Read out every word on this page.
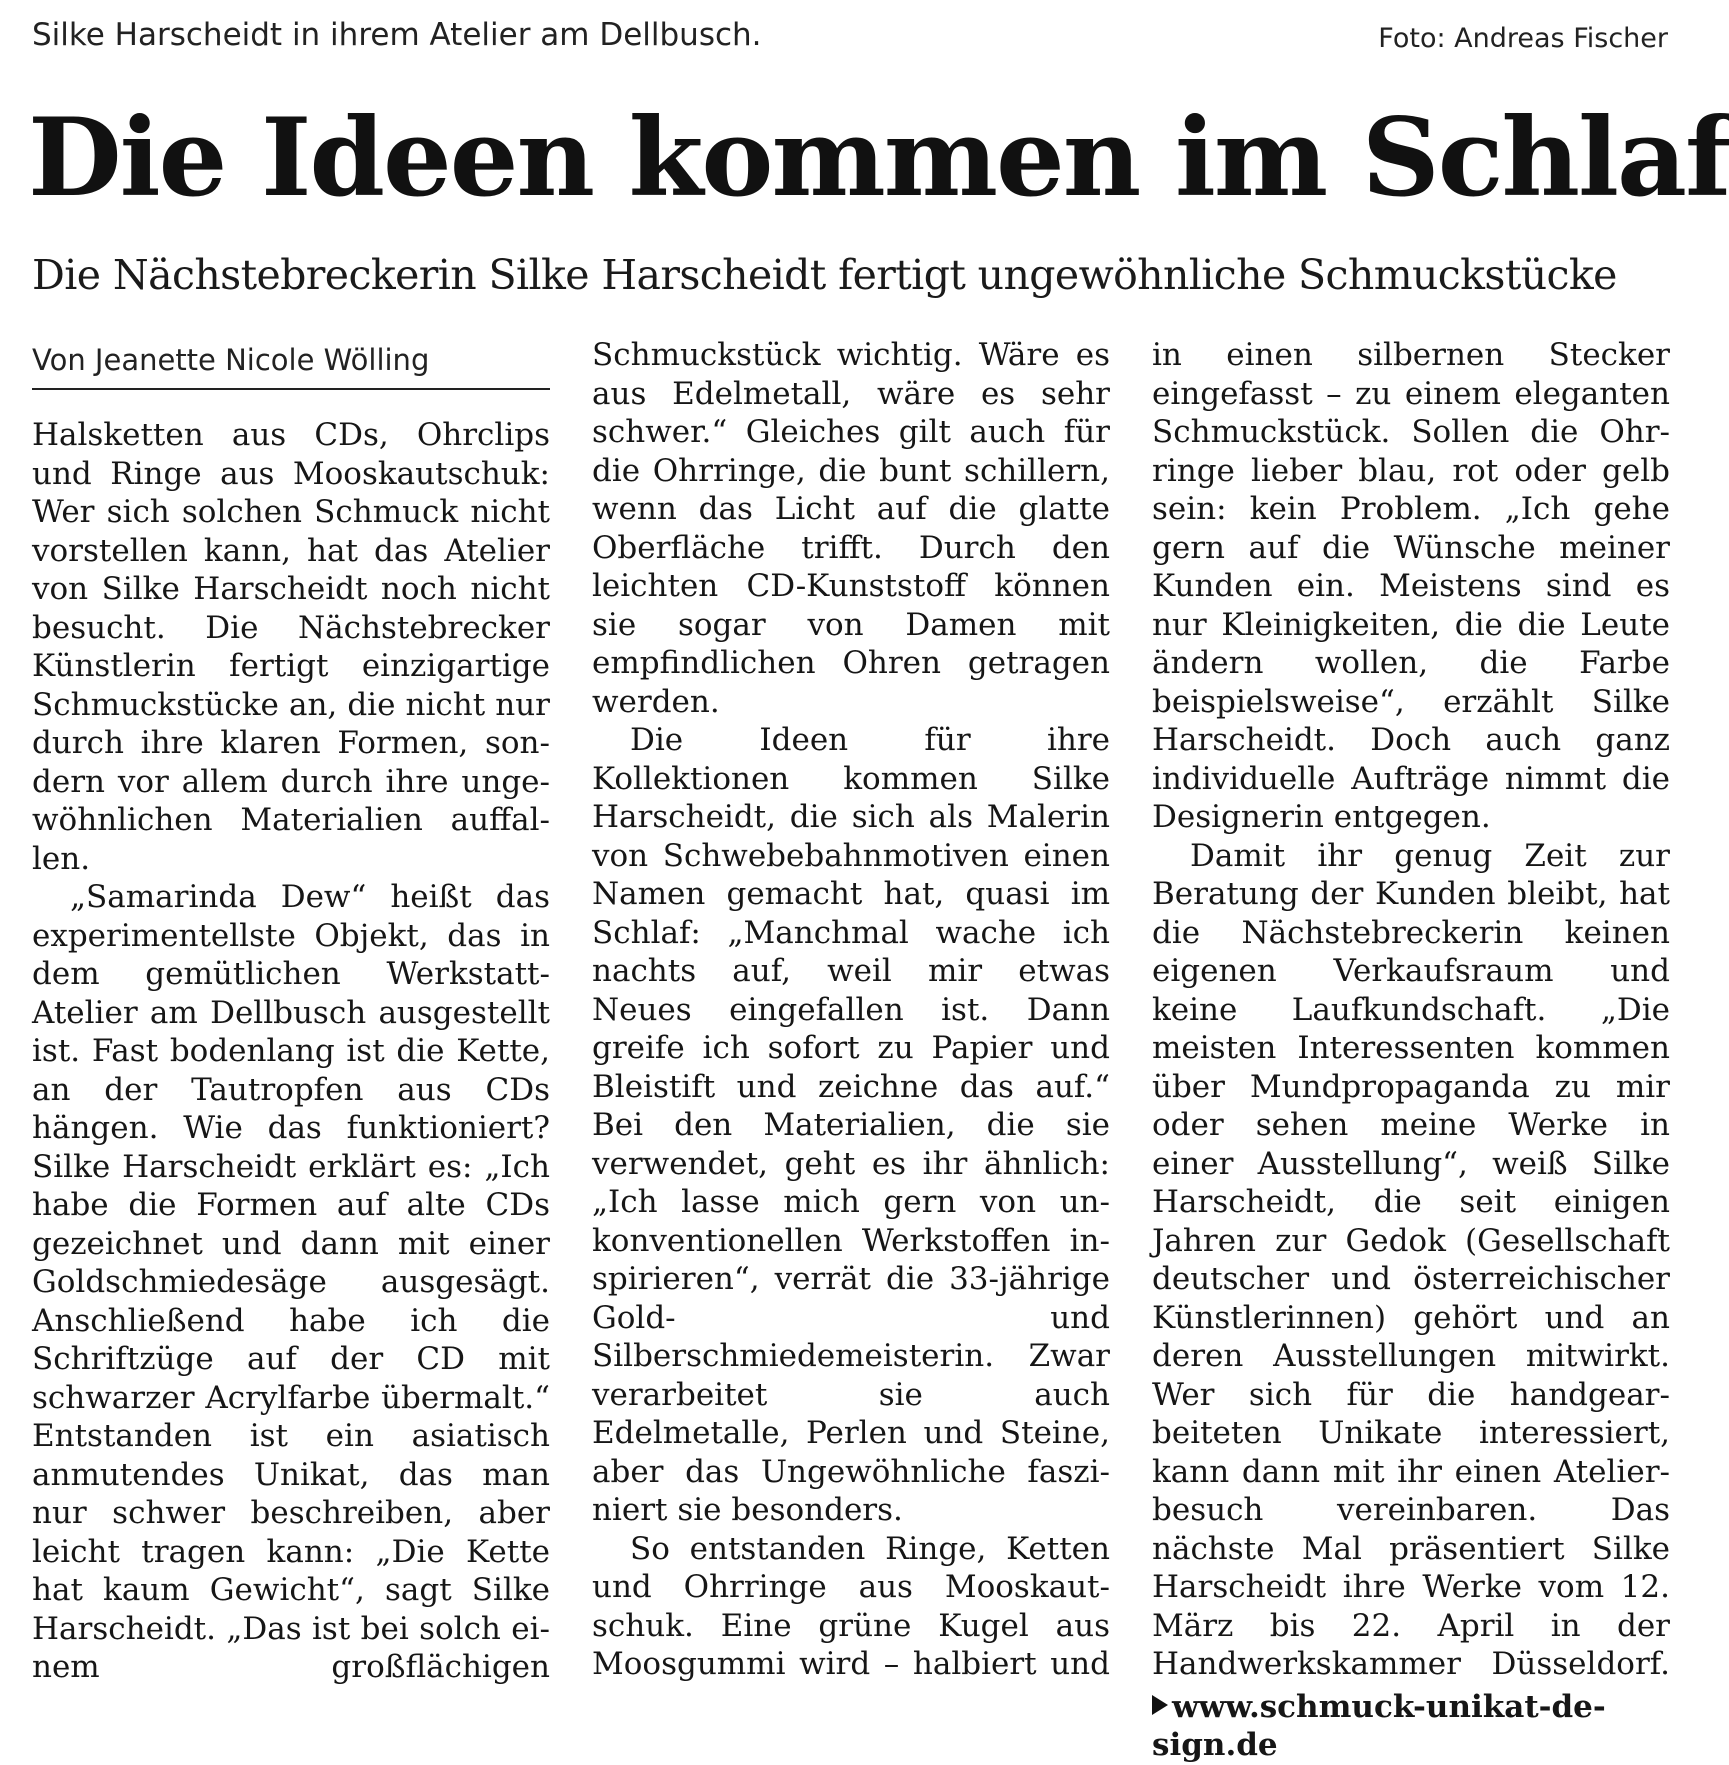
Silke Harscheidt in ihrem Atelier am Dellbusch.	Foto: Andreas Fischer
Die Ideen kommen im Schlaf
Die Nächstebreckerin Silke Harscheidt fertigt ungewöhnliche Schmuckstücke
Von Jeanette Nicole Wölling

Halsketten aus CDs, Ohrclips und Ringe aus Mooskautschuk: Wer sich solchen Schmuck nicht vorstellen kann, hat das Atelier von Silke Harscheidt noch nicht besucht. Die Nächstebrecker Künstlerin fertigt einzigartige Schmuckstücke an, die nicht nur durch ihre klaren Formen, sondern vor allem durch ihre ungewöhnlichen Materialien auffallen.

„Samarinda Dew“ heißt das experimentellste Objekt, das in dem gemütlichen Werkstatt-Atelier am Dellbusch ausgestellt ist. Fast bodenlang ist die Kette, an der Tautropfen aus CDs hängen. Wie das funktioniert? Silke Harscheidt erklärt es: „Ich habe die Formen auf alte CDs gezeichnet und dann mit einer Goldschmiedesäge ausgesägt. Anschließend habe ich die Schriftzüge auf der CD mit schwarzer Acrylfarbe übermalt.“ Entstanden ist ein asiatisch anmutendes Unikat, das man nur schwer beschreiben, aber leicht tragen kann: „Die Kette hat kaum Gewicht“, sagt Silke Harscheidt. „Das ist bei solch einem großflächigen

Schmuckstück wichtig. Wäre es aus Edelmetall, wäre es sehr schwer.“ Gleiches gilt auch für die Ohrringe, die bunt schillern, wenn das Licht auf die glatte Oberfläche trifft. Durch den leichten CD-Kunststoff können sie sogar von Damen mit empfindlichen Ohren getragen werden.

Die Ideen für ihre Kollektionen kommen Silke Harscheidt, die sich als Malerin von Schwebebahnmotiven einen Namen gemacht hat, quasi im Schlaf: „Manchmal wache ich nachts auf, weil mir etwas Neues eingefallen ist. Dann greife ich sofort zu Papier und Bleistift und zeichne das auf.“ Bei den Materialien, die sie verwendet, geht es ihr ähnlich: „Ich lasse mich gern von unkonventionellen Werkstoffen inspirieren“, verrät die 33-jährige Gold- und Silberschmiedemeisterin. Zwar verarbeitet sie auch Edelmetalle, Perlen und Steine, aber das Ungewöhnliche fasziniert sie besonders.

So entstanden Ringe, Ketten und Ohrringe aus Mooskautschuk. Eine grüne Kugel aus Moosgummi wird – halbiert und

in einen silbernen Stecker eingefasst – zu einem eleganten Schmuckstück. Sollen die Ohrringe lieber blau, rot oder gelb sein: kein Problem. „Ich gehe gern auf die Wünsche meiner Kunden ein. Meistens sind es nur Kleinigkeiten, die die Leute ändern wollen, die Farbe beispielsweise“, erzählt Silke Harscheidt. Doch auch ganz individuelle Aufträge nimmt die Designerin entgegen.

Damit ihr genug Zeit zur Beratung der Kunden bleibt, hat die Nächstebreckerin keinen eigenen Verkaufsraum und keine Laufkundschaft. „Die meisten Interessenten kommen über Mundpropaganda zu mir oder sehen meine Werke in einer Ausstellung“, weiß Silke Harscheidt, die seit einigen Jahren zur Gedok (Gesellschaft deutscher und österreichischer Künstlerinnen) gehört und an deren Ausstellungen mitwirkt. Wer sich für die handgearbeiteten Unikate interessiert, kann dann mit ihr einen Atelierbesuch vereinbaren. Das nächste Mal präsentiert Silke Harscheidt ihre Werke vom 12. März bis 22. April in der Handwerkskammer Düsseldorf.

www.schmuck-unikat-design.de
